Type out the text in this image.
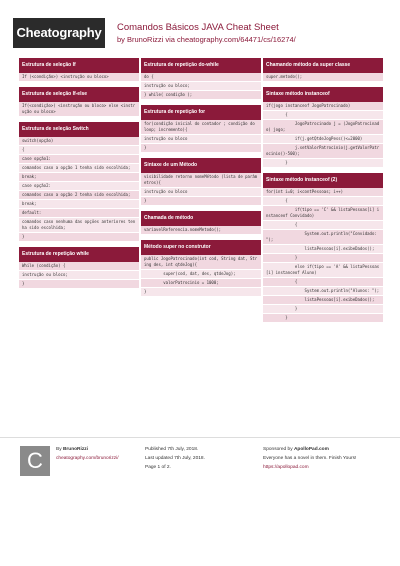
Cheatography	Comandos Básicos JAVA Cheat Sheet
by BrunoRizzi via cheatography.com/64471/cs/16274/
Estrutura de seleção If
If (<condição>) <instrução ou bloco>
Estrutura de seleção If-else
If(<condição>) <instrução ou bloco> else <instrução ou bloco>
Estrutura de seleção Switch
switch(opção)
{
case opção1:
comandos caso a opção 1 tenha sido escolhida;
break;
case opção2:
comandos caso a opção 2 tenha sido escolhida;
break;
default:
comandos caso nenhuma das opções anteriores tenha sido escolhida;
}
Estrutura de repetição while
While (condição) {
instrução ou bloco;
}
Estrutura de repetição do-while
do {
instrução ou bloco;
} while( condição );
Estrutura de repetição for
for(condição inicial do contador ; condição do loop; incremento){
instrução ou bloco
}
Sintaxe de um Método
visibilidade retorno nomeMétodo (lista de parâmetros){
instrução ou bloco
}
Chamada de método
variavelReferencia.nomeMetodo();
Método super no construtor
public JogoPatrocinado(int cod, String dat, String des, int qtdeJog){
super(cod, dat, des, qtdeJog);
valorPatrocinio = 1000;
}
Chamando método da super classe
super.metodo();
Sintaxe método instanceof
if(jogo instanceof JogoPatrocinado)
{
JogoPatrocinado j = (JogoPatrocinado) jogo;
if(j.getQtdeJogPess()<=2000)
j.setValorPatrocinio(j.getValorPatrocinio()-500);
}
Sintaxe método instanceof (2)
for(int i=0; i<contPessoas; i++)
{
if(tipo == 'C' && listaPessoas[i] instanceof Convidado)
{
System.out.println("Convidado: ");
listaPessoas[i].exibeDados();
}
else if(tipo == 'A' && listaPessoas[i] instanceof Aluno)
{
System.out.println("Alunos: ");
listaPessoas[i].exibeDados();
}
}
C	By BrunoRizzi
cheatography.com/brunorizzi/
Published 7th July, 2018.
Last updated 7th July, 2018.
Page 1 of 2.
Sponsored by ApolloPad.com
Everyone has a novel in them. Finish Yours!
https://apollopad.com
